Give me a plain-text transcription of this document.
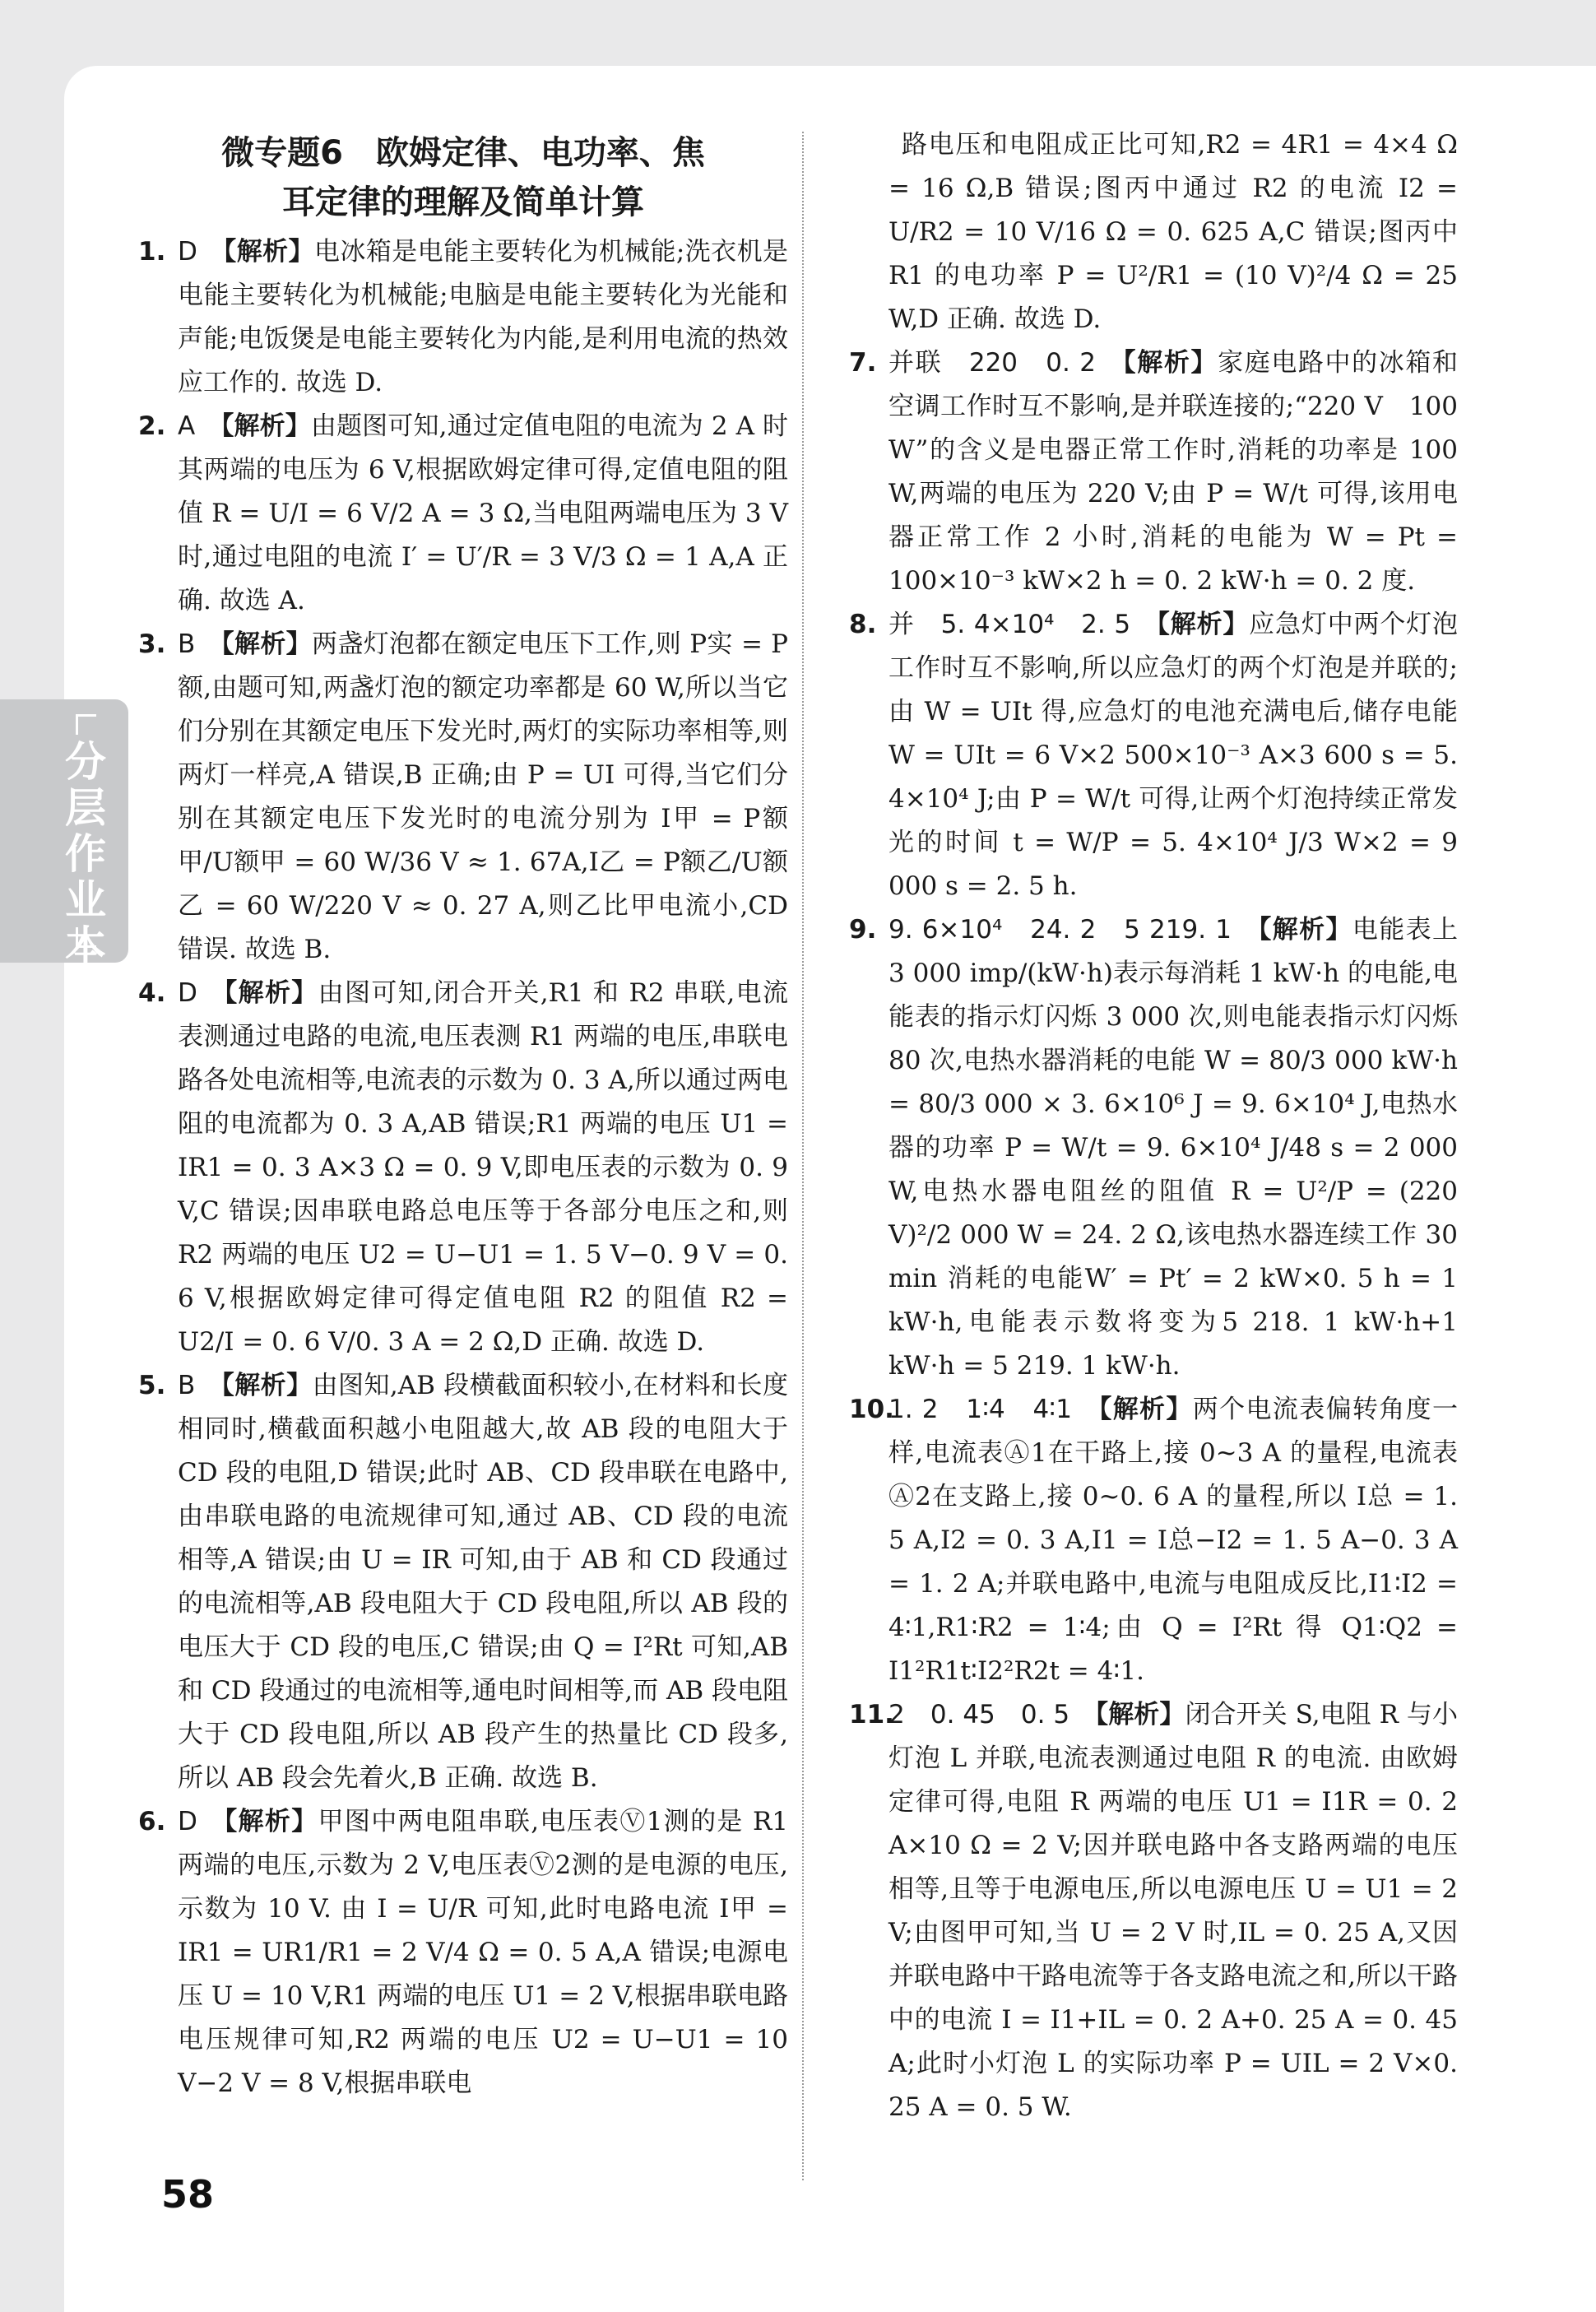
分层
作业本
微专题6　欧姆定律、电功率、焦
耳定律的理解及简单计算
1. D 【解析】电冰箱是电能主要转化为机械能;洗衣机是电能主要转化为机械能;电脑是电能主要转化为光能和声能;电饭煲是电能主要转化为内能,是利用电流的热效应工作的. 故选 D.

2. A 【解析】由题图可知,通过定值电阻的电流为 2 A 时其两端的电压为 6 V,根据欧姆定律可得,定值电阻的阻值 R = U/I = 6 V/2 A = 3 Ω,当电阻两端电压为 3 V 时,通过电阻的电流 I′ = U′/R = 3 V/3 Ω = 1 A,A 正确. 故选 A.

3. B 【解析】两盏灯泡都在额定电压下工作,则 P实 = P额,由题可知,两盏灯泡的额定功率都是 60 W,所以当它们分别在其额定电压下发光时,两灯的实际功率相等,则两灯一样亮,A 错误,B 正确;由 P = UI 可得,当它们分别在其额定电压下发光时的电流分别为 I甲 = P额甲/U额甲 = 60 W/36 V ≈ 1. 67A,I乙 = P额乙/U额乙 = 60 W/220 V ≈ 0. 27 A,则乙比甲电流小,CD 错误. 故选 B.

4. D 【解析】由图可知,闭合开关,R1 和 R2 串联,电流表测通过电路的电流,电压表测 R1 两端的电压,串联电路各处电流相等,电流表的示数为 0. 3 A,所以通过两电阻的电流都为 0. 3 A,AB 错误;R1 两端的电压 U1 = IR1 = 0. 3 A×3 Ω = 0. 9 V,即电压表的示数为 0. 9 V,C 错误;因串联电路总电压等于各部分电压之和,则 R2 两端的电压 U2 = U−U1 = 1. 5 V−0. 9 V = 0. 6 V,根据欧姆定律可得定值电阻 R2 的阻值 R2 = U2/I = 0. 6 V/0. 3 A = 2 Ω,D 正确. 故选 D.

5. B 【解析】由图知,AB 段横截面积较小,在材料和长度相同时,横截面积越小电阻越大,故 AB 段的电阻大于 CD 段的电阻,D 错误;此时 AB、CD 段串联在电路中,由串联电路的电流规律可知,通过 AB、CD 段的电流相等,A 错误;由 U = IR 可知,由于 AB 和 CD 段通过的电流相等,AB 段电阻大于 CD 段电阻,所以 AB 段的电压大于 CD 段的电压,C 错误;由 Q = I²Rt 可知,AB 和 CD 段通过的电流相等,通电时间相等,而 AB 段电阻大于 CD 段电阻,所以 AB 段产生的热量比 CD 段多,所以 AB 段会先着火,B 正确. 故选 B.

6. D 【解析】甲图中两电阻串联,电压表Ⓥ1测的是 R1 两端的电压,示数为 2 V,电压表Ⓥ2测的是电源的电压,示数为 10 V. 由 I = U/R 可知,此时电路电流 I甲 = IR1 = UR1/R1 = 2 V/4 Ω = 0. 5 A,A 错误;电源电压 U = 10 V,R1 两端的电压 U1 = 2 V,根据串联电路电压规律可知,R2 两端的电压 U2 = U−U1 = 10 V−2 V = 8 V,根据串联电

路电压和电阻成正比可知,R2 = 4R1 = 4×4 Ω = 16 Ω,B 错误;图丙中通过 R2 的电流 I2 = U/R2 = 10 V/16 Ω = 0. 625 A,C 错误;图丙中 R1 的电功率 P = U²/R1 = (10 V)²/4 Ω = 25 W,D 正确. 故选 D.

7. 并联　220　0. 2 【解析】家庭电路中的冰箱和空调工作时互不影响,是并联连接的;“220 V　100 W”的含义是电器正常工作时,消耗的功率是 100 W,两端的电压为 220 V;由 P = W/t 可得,该用电器正常工作 2 小时,消耗的电能为 W = Pt = 100×10⁻³ kW×2 h = 0. 2 kW·h = 0. 2 度.

8. 并　5. 4×10⁴　2. 5 【解析】应急灯中两个灯泡工作时互不影响,所以应急灯的两个灯泡是并联的;由 W = UIt 得,应急灯的电池充满电后,储存电能 W = UIt = 6 V×2 500×10⁻³ A×3 600 s = 5. 4×10⁴ J;由 P = W/t 可得,让两个灯泡持续正常发光的时间 t = W/P = 5. 4×10⁴ J/3 W×2 = 9 000 s = 2. 5 h.

9. 9. 6×10⁴　24. 2　5 219. 1 【解析】电能表上 3 000 imp/(kW·h)表示每消耗 1 kW·h 的电能,电能表的指示灯闪烁 3 000 次,则电能表指示灯闪烁 80 次,电热水器消耗的电能 W = 80/3 000 kW·h = 80/3 000 × 3. 6×10⁶ J = 9. 6×10⁴ J,电热水器的功率 P = W/t = 9. 6×10⁴ J/48 s = 2 000 W,电热水器电阻丝的阻值 R = U²/P = (220 V)²/2 000 W = 24. 2 Ω,该电热水器连续工作 30 min 消耗的电能W′ = Pt′ = 2 kW×0. 5 h = 1 kW·h,电能表示数将变为5 218. 1 kW·h+1 kW·h = 5 219. 1 kW·h.

10.

1. 2　1∶4　4∶1 【解析】两个电流表偏转角度一样,电流表Ⓐ1在干路上,接 0~3 A 的量程,电流表Ⓐ2在支路上,接 0~0. 6 A 的量程,所以 I总 = 1. 5 A,I2 = 0. 3 A,I1 = I总−I2 = 1. 5 A−0. 3 A = 1. 2 A;并联电路中,电流与电阻成反比,I1∶I2 = 4∶1,R1∶R2 = 1∶4;由 Q = I²Rt 得 Q1∶Q2 = I1²R1t∶I2²R2t = 4∶1.

11.

2　0. 45　0. 5 【解析】闭合开关 S,电阻 R 与小灯泡 L 并联,电流表测通过电阻 R 的电流. 由欧姆定律可得,电阻 R 两端的电压 U1 = I1R = 0. 2 A×10 Ω = 2 V;因并联电路中各支路两端的电压相等,且等于电源电压,所以电源电压 U = U1 = 2 V;由图甲可知,当 U = 2 V 时,IL = 0. 25 A,又因并联电路中干路电流等于各支路电流之和,所以干路中的电流 I = I1+IL = 0. 2 A+0. 25 A = 0. 45 A;此时小灯泡 L 的实际功率 P = UIL = 2 V×0. 25 A = 0. 5 W.

58
